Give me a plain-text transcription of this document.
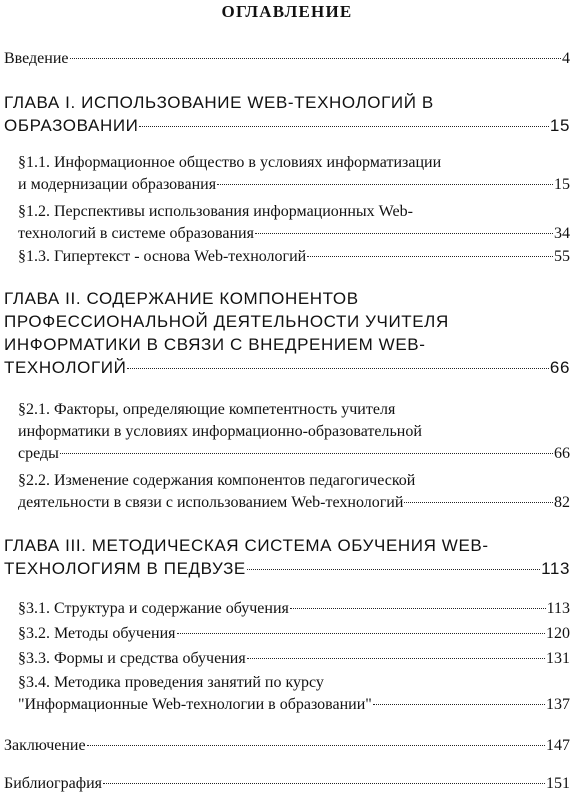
ОГЛАВЛЕНИЕ
Введение	4
ГЛАВА I. ИСПОЛЬЗОВАНИЕ WEB-ТЕХНОЛОГИЙ В
ОБРАЗОВАНИИ	15
§1.1. Информационное общество в условиях информатизации
и модернизации образования	15
§1.2. Перспективы использования информационных Web-
технологий в системе образования	34
§1.3. Гипертекст - основа Web-технологий	55
ГЛАВА II. СОДЕРЖАНИЕ КОМПОНЕНТОВ
ПРОФЕССИОНАЛЬНОЙ ДЕЯТЕЛЬНОСТИ УЧИТЕЛЯ
ИНФОРМАТИКИ В СВЯЗИ С ВНЕДРЕНИЕМ WEB-
ТЕХНОЛОГИЙ	66
§2.1. Факторы, определяющие компетентность учителя
информатики в условиях информационно-образовательной
среды	66
§2.2. Изменение содержания компонентов педагогической
деятельности в связи с использованием Web-технологий	82
ГЛАВА III. МЕТОДИЧЕСКАЯ СИСТЕМА ОБУЧЕНИЯ WEB-
ТЕХНОЛОГИЯМ В ПЕДВУЗЕ	113
§3.1. Структура и содержание обучения	113
§3.2. Методы обучения	120
§3.3. Формы и средства обучения	131
§3.4. Методика проведения занятий по курсу
"Информационные Web-технологии в образовании"	137
Заключение	147
Библиография	151
